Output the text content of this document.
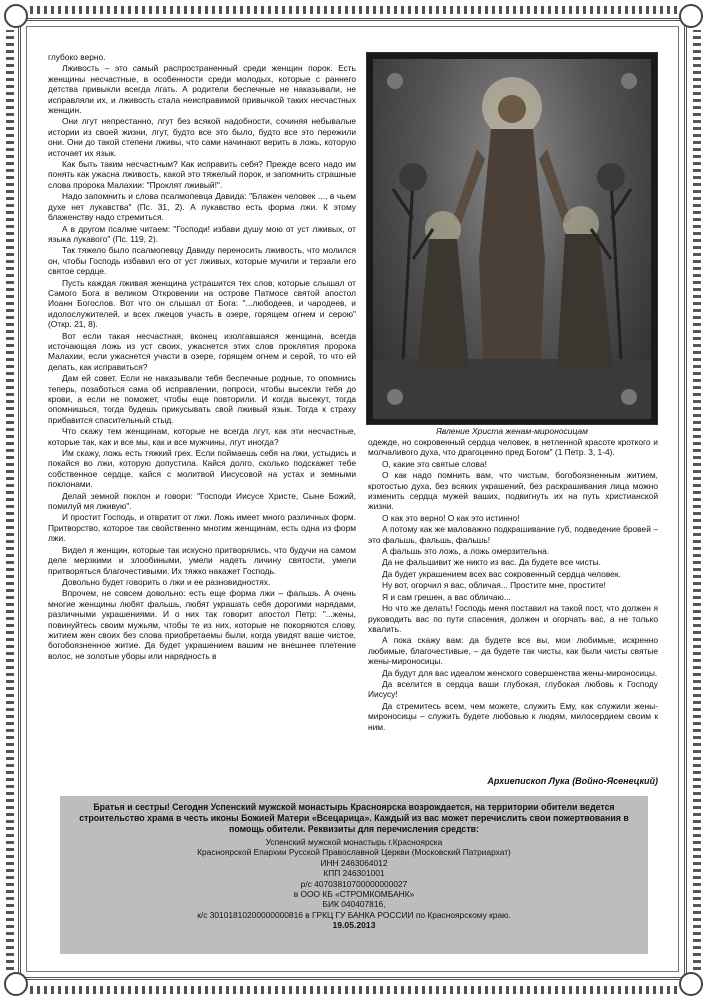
глубоко верно.

Лживость – это самый распространенный среди женщин порок. Есть женщины несчастные, в особенности среди молодых, которые с раннего детства привыкли всегда лгать. А родители беспечные не наказывали, не исправляли их, и лживость стала неисправимой привычкой таких несчастных женщин.

Они лгут непрестанно, лгут без всякой надобности, сочиняя небывалые истории из своей жизни, лгут, будто все это было, будто все это пережили они. Они до такой степени лживы, что сами начинают верить в ложь, которую источает их язык.

Как быть таким несчастным? Как исправить себя? Прежде всего надо им понять как ужасна лживость, какой это тяжелый порок, и запомнить страшные слова пророка Малахии: "Проклят лживый!".

Надо запомнить и слова псалмопевца Давида: "Блажен человек ..., в чьем духе нет лукавства" (Пс. 31, 2). А лукавство есть форма лжи. К этому блаженству надо стремиться.

А в другом псалме читаем: "Господи! избави душу мою от уст лживых, от языка лукавого" (Пс. 119, 2).

Так тяжело было псалмопевцу Давиду переносить лживость, что молился он, чтобы Господь избавил его от уст лживых, которые мучили и терзали его святое сердце.

Пусть каждая лживая женщина устрашится тех слов, которые слышал от Самого Бога в великом Откровении на острове Патмосе святой апостол Иоанн Богослов. Вот что он слышал от Бога: "...любодеев, и чародеев, и идолослужителей, и всех лжецов участь в озере, горящем огнем и серою" (Откр. 21, 8).

Вот если такая несчастная, вконец изолгавшаяся женщина, всегда источающая ложь из уст своих, ужаснется этих слов проклятия пророка Малахии, если ужаснется участи в озере, горящем огнем и серой, то что ей делать, как исправиться?

Дам ей совет. Если не наказывали тебя беспечные родные, то опомнись теперь, позаботься сама об исправлении, попроси, чтобы высекли тебя до крови, а если не поможет, чтобы еще повторили. И когда высекут, тогда опомнишься, тогда будешь прикусывать свой лживый язык. Тогда к страху прибавится спасительный стыд.

Что скажу тем женщинам, которые не всегда лгут, как эти несчастные, которые так, как и все мы, как и все мужчины, лгут иногда?

Им скажу, ложь есть тяжкий грех. Если поймаешь себя на лжи, устыдись и покайся во лжи, которую допустила. Кайся долго, сколько подскажет тебе собственное сердце, кайся с молитвой Иисусовой на устах и земными поклонами.

Делай земной поклон и говори: "Господи Иисусе Христе, Сыне Божий, помилуй мя лживую".

И простит Господь, и отвратит от лжи. Ложь имеет много различных форм. Притворство, которое так свойственно многим женщинам, есть одна из форм лжи.

Видел я женщин, которые так искусно притворялись, что будучи на самом деле мерзкими и злообиными, умели надеть личину святости, умели притворяться благочестивыми. Их тяжко накажет Господь.

Довольно будет говорить о лжи и ее разновидностях.

Впрочем, не совсем довольно: есть еще форма лжи – фальшь. А очень многие женщины любят фальшь, любят украшать себя дорогими нарядами, различными украшениями. И о них так говорит апостол Петр: "...жены, повинуйтесь своим мужьям, чтобы те из них, которые не покоряются слову, житием жен своих без слова приобретаемы были, когда увидят ваше чистое, богобоязненное житие. Да будет украшением вашим не внешнее плетение волос, не золотые уборы или нарядность в

Явление Христа женам-мироносицам

одежде, но сокровенный сердца человек, в нетленной красоте кроткого и молчаливого духа, что драгоценно пред Богом" (1 Петр. 3, 1-4).

О, какие это святые слова!

О как надо помнить вам, что чистым, богобоязненным житием, кротостью духа, без всяких украшений, без раскрашивания лица можно изменить сердца мужей ваших, подвигнуть их на путь христианской жизни.

О как это верно! О как это истинно!

А потому как же маловажно подкрашивание губ, подведение бровей – это фальшь, фальшь, фальшь!

А фальшь это ложь, а ложь омерзительна.

Да не фальшивит же никто из вас. Да будете все чисты.

Да будет украшением всех вас сокровенный сердца человек.

Ну вот, огорчил я вас, обличая... Простите мне, простите!

Я и сам грешен, а вас обличаю...

Но что же делать! Господь меня поставил на такой пост, что должен я руководить вас по пути спасения, должен и огорчать вас, а не только хвалить.

А пока скажу вам: да будете все вы, мои любимые, искренно любимые, благочестивые, – да будете так чисты, как были чисты святые жены-мироносицы.

Да будут для вас идеалом женского совершенства жены-мироносицы.

Да вселится в сердца ваши глубокая, глубокая любовь к Господу Иисусу!

Да стремитесь всем, чем можете, служить Ему, как служили жены-мироносицы – служить будете любовью к людям, милосердием своим к ним.

Архиепископ Лука (Войно-Ясенецкий)
Братья и сестры! Сегодня Успенский мужской монастырь Красноярска возрождается, на территории обители ведется строительство храма в честь иконы Божией Матери «Всецарица». Каждый из вас может перечислить свои пожертвования в помощь обители. Реквизиты для перечисления средств:
Успенский мужской монастырь г.Красноярска
Красноярской Епархии Русской Православной Церкви (Московский Патриархат)
ИНН 2463064012
КПП 246301001
р/с 40703810700000000027
в ООО КБ «СТРОМКОМБАНК»
БИК 040407816,
к/с 30101810200000000816 в ГРКЦ ГУ БАНКА РОССИИ по Красноярскому краю.
19.05.2013
